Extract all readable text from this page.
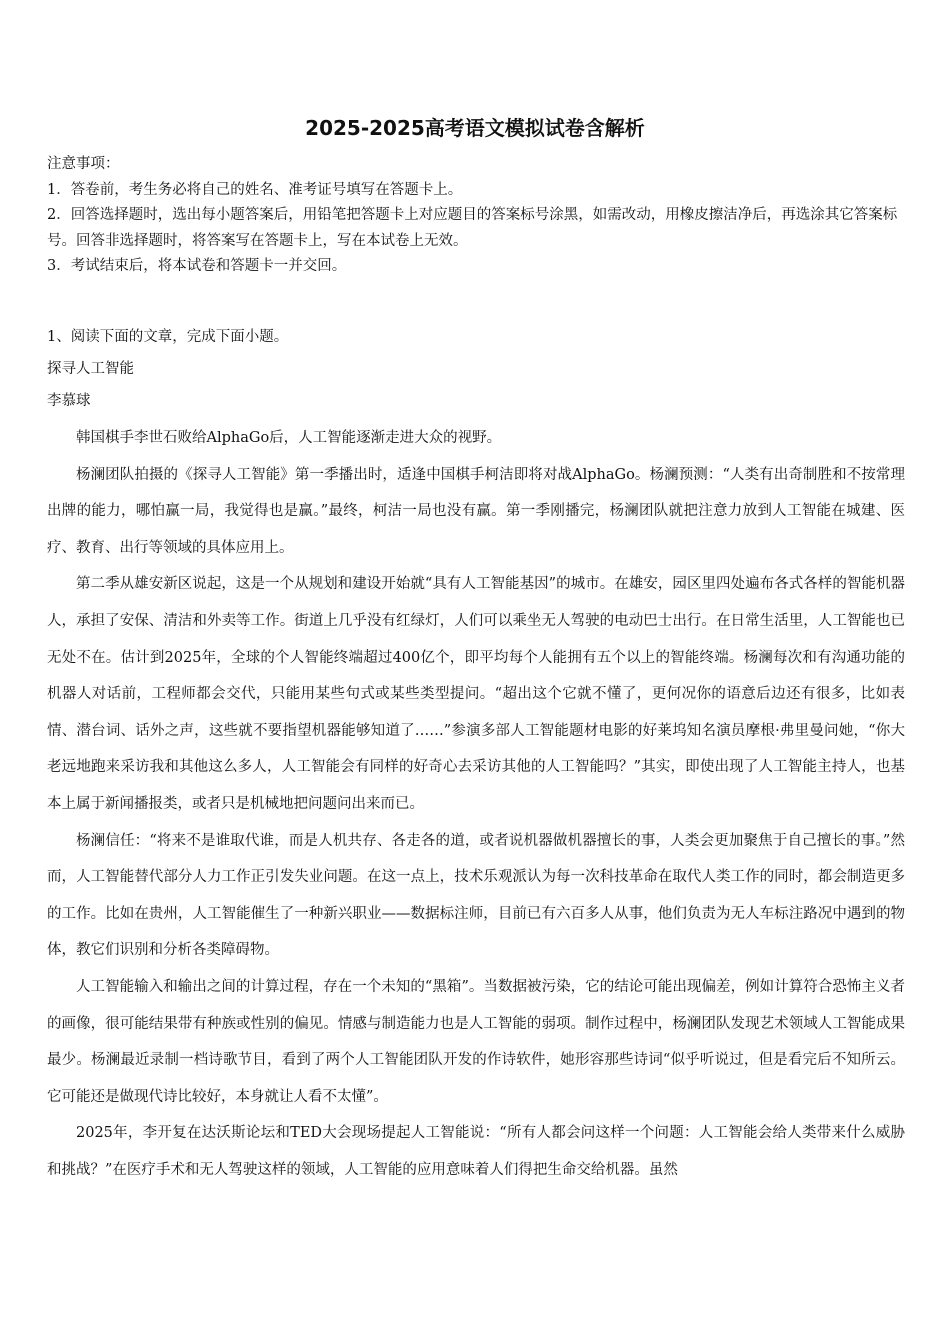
2025-2025高考语文模拟试卷含解析

注意事项：

1．答卷前，考生务必将自己的姓名、准考证号填写在答题卡上。

2．回答选择题时，选出每小题答案后，用铅笔把答题卡上对应题目的答案标号涂黑，如需改动，用橡皮擦洁净后，再选涂其它答案标号。回答非选择题时，将答案写在答题卡上，写在本试卷上无效。

3．考试结束后，将本试卷和答题卡一并交回。

1、阅读下面的文章，完成下面小题。

探寻人工智能

李慕球

韩国棋手李世石败给AlphaGo后，人工智能逐渐走进大众的视野。

杨澜团队拍摄的《探寻人工智能》第一季播出时，适逢中国棋手柯洁即将对战AlphaGo。杨澜预测：“人类有出奇制胜和不按常理出牌的能力，哪怕赢一局，我觉得也是赢。”最终，柯洁一局也没有赢。第一季刚播完，杨澜团队就把注意力放到人工智能在城建、医疗、教育、出行等领域的具体应用上。

第二季从雄安新区说起，这是一个从规划和建设开始就“具有人工智能基因”的城市。在雄安，园区里四处遍布各式各样的智能机器人，承担了安保、清洁和外卖等工作。街道上几乎没有红绿灯，人们可以乘坐无人驾驶的电动巴士出行。在日常生活里，人工智能也已无处不在。估计到2025年，全球的个人智能终端超过400亿个，即平均每个人能拥有五个以上的智能终端。杨澜每次和有沟通功能的机器人对话前，工程师都会交代，只能用某些句式或某些类型提问。“超出这个它就不懂了，更何况你的语意后边还有很多，比如表情、潜台词、话外之声，这些就不要指望机器能够知道了……”参演多部人工智能题材电影的好莱坞知名演员摩根·弗里曼问她，“你大老远地跑来采访我和其他这么多人，人工智能会有同样的好奇心去采访其他的人工智能吗？”其实，即使出现了人工智能主持人，也基本上属于新闻播报类，或者只是机械地把问题问出来而已。

杨澜信任：“将来不是谁取代谁，而是人机共存、各走各的道，或者说机器做机器擅长的事，人类会更加聚焦于自己擅长的事。”然而，人工智能替代部分人力工作正引发失业问题。在这一点上，技术乐观派认为每一次科技革命在取代人类工作的同时，都会制造更多的工作。比如在贵州，人工智能催生了一种新兴职业——数据标注师，目前已有六百多人从事，他们负责为无人车标注路况中遇到的物体，教它们识别和分析各类障碍物。

人工智能输入和输出之间的计算过程，存在一个未知的“黑箱”。当数据被污染，它的结论可能出现偏差，例如计算符合恐怖主义者的画像，很可能结果带有种族或性别的偏见。情感与制造能力也是人工智能的弱项。制作过程中，杨澜团队发现艺术领域人工智能成果最少。杨澜最近录制一档诗歌节目，看到了两个人工智能团队开发的作诗软件，她形容那些诗词“似乎听说过，但是看完后不知所云。它可能还是做现代诗比较好，本身就让人看不太懂”。

2025年，李开复在达沃斯论坛和TED大会现场提起人工智能说：“所有人都会问这样一个问题：人工智能会给人类带来什么威胁和挑战？”在医疗手术和无人驾驶这样的领域，人工智能的应用意味着人们得把生命交给机器。虽然
